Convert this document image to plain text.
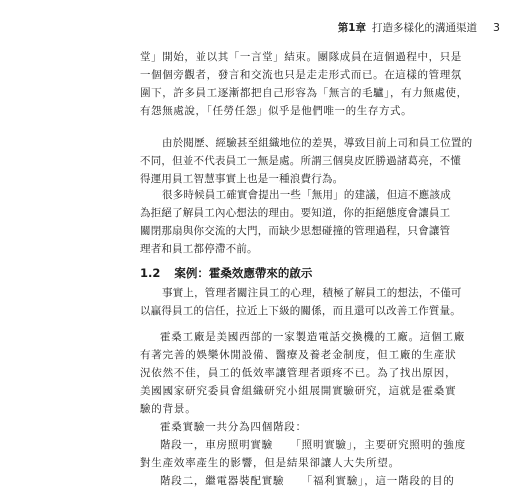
第1章 打造多樣化的溝通渠道 3
堂」開始，並以其「一言堂」結束。團隊成員在這個過程中，只是
一個個旁觀者，發言和交流也只是走走形式而已。在這樣的管理氛
圍下，許多員工逐漸都把自己形容為「無言的毛驢」，有力無處使，
有怨無處說，「任勞任怨」似乎是他們唯一的生存方式。
由於閱歷、經驗甚至組織地位的差異，導致目前上司和員工位置的
不同，但並不代表員工一無是處。所謂三個臭皮匠勝過諸葛亮，不懂
得運用員工智慧事實上也是一種浪費行為。
很多時候員工確實會提出一些「無用」的建議，但這不應該成
為拒絕了解員工內心想法的理由。要知道，你的拒絕態度會讓員工
關閉那扇與你交流的大門，而缺少思想碰撞的管理過程，只會讓管
理者和員工都停滯不前。
1.2 案例：霍桑效應帶來的啟示
事實上，管理者關注員工的心理，積極了解員工的想法，不僅可
以贏得員工的信任，拉近上下級的關係，而且還可以改善工作質量。
霍桑工廠是美國西部的一家製造電話交換機的工廠。這個工廠
有著完善的娛樂休閒設備、醫療及養老金制度，但工廠的生產狀
況依然不佳，員工的低效率讓管理者頭疼不已。為了找出原因，
美國國家研究委員會組織研究小組展開實驗研究，這就是霍桑實
驗的背景。
霍桑實驗一共分為四個階段：
階段一，車房照明實驗　　「照明實驗」，主要研究照明的強度
對生產效率產生的影響，但是結果卻讓人大失所望。
階段二，繼電器裝配實驗　　「福利實驗」，這一階段的目的
